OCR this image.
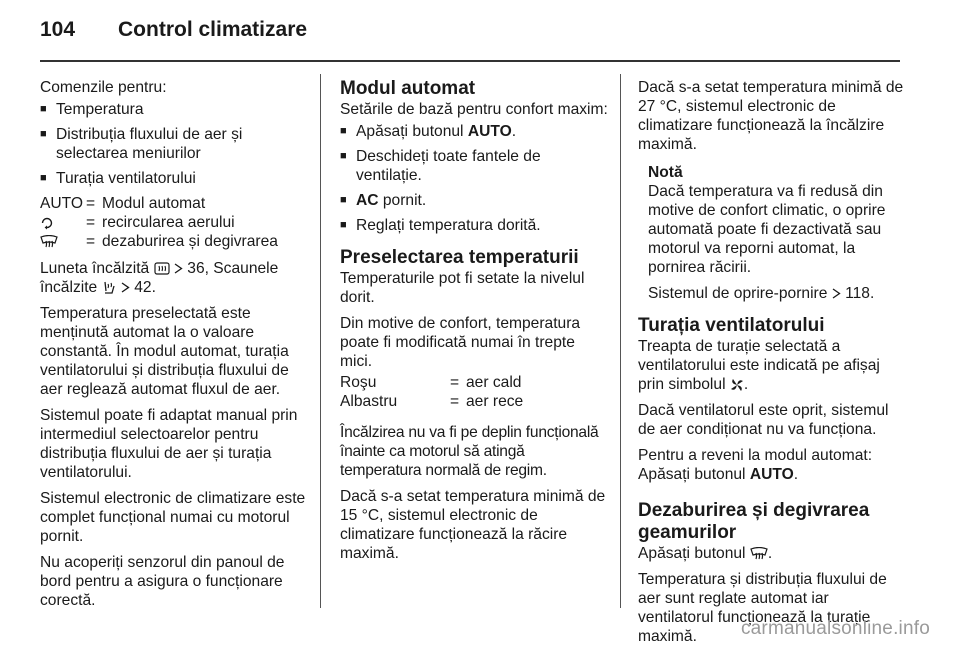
104	Control climatizare

Comenzile pentru:

■ Temperatura
■ Distribuția fluxului de aer și selectarea meniurilor
■ Turația ventilatorului
AUTO = Modul automat
= recircularea aerului
= dezaburirea și degivrarea

Luneta încălzită 36, Scaunele
încălzite 42.

Temperatura preselectată este menținută automat la o valoare constantă. În modul automat, turația ventilatorului și distribuția fluxului de aer reglează automat fluxul de aer.

Sistemul poate fi adaptat manual prin intermediul selectoarelor pentru distribuția fluxului de aer și turația ventilatorului.

Sistemul electronic de climatizare este complet funcțional numai cu motorul pornit.

Nu acoperiți senzorul din panoul de bord pentru a asigura o funcționare corectă.

Modul automat

Setările de bază pentru confort maxim:

■ Apăsați butonul AUTO.
■ Deschideți toate fantele de ventilație.
■ AC pornit.
■ Reglați temperatura dorită.
Preselectarea temperaturii

Temperaturile pot fi setate la nivelul dorit.

Din motive de confort, temperatura poate fi modificată numai în trepte mici.

Roşu	= aer cald
Albastru	= aer rece

Încălzirea nu va fi pe deplin funcțională înainte ca motorul să atingă temperatura normală de regim.

Dacă s-a setat temperatura minimă de 15 °C, sistemul electronic de climatizare funcționează la răcire maximă.

Dacă s-a setat temperatura minimă de 27 °C, sistemul electronic de climatizare funcționează la încălzire maximă.

Notă

Dacă temperatura va fi redusă din motive de confort climatic, o oprire automată poate fi dezactivată sau motorul va reporni automat, la pornirea răcirii.

Sistemul de oprire-pornire 118.

Turația ventilatorului

Treapta de turație selectată a ventilatorului este indicată pe afișaj prin simbolul .

Dacă ventilatorul este oprit, sistemul de aer condiționat nu va funcționa.

Pentru a reveni la modul automat:
Apăsați butonul AUTO.

Dezaburirea și degivrarea geamurilor

Apăsați butonul .

Temperatura și distribuția fluxului de aer sunt reglate automat iar ventilatorul funcționează la turație maximă.	carmanualsonline.info
